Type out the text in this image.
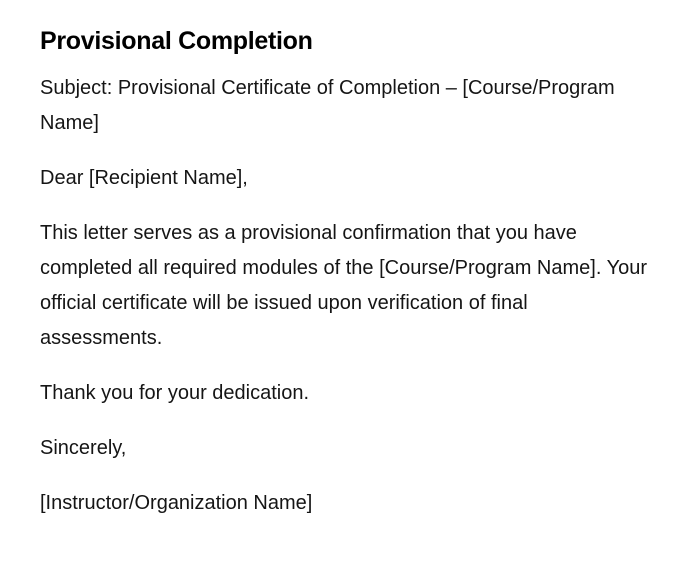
Provisional Completion

Subject: Provisional Certificate of Completion – [Course/Program Name]

Dear [Recipient Name],

This letter serves as a provisional confirmation that you have completed all required modules of the [Course/Program Name]. Your official certificate will be issued upon verification of final assessments.

Thank you for your dedication.

Sincerely,

[Instructor/Organization Name]
